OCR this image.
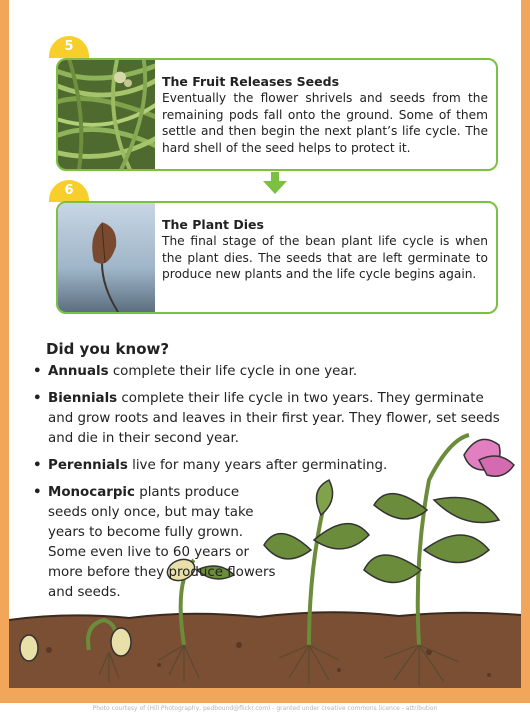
5
The Fruit Releases Seeds
Eventually the flower shrivels and seeds from the remaining pods fall onto the ground. Some of them settle and then begin the next plant’s life cycle. The hard shell of the seed helps to protect it.
6
The Plant Dies
The final stage of the bean plant life cycle is when the plant dies. The seeds that are left germinate to produce new plants and the life cycle begins again.
Did you know?
• Annuals complete their life cycle in one year.
• Biennials complete their life cycle in two years. They germinate and grow roots and leaves in their first year. They flower, set seeds and die in their second year.
• Perennials live for many years after germinating.
• Monocarpic plants produce seeds only once, but may take years to become fully grown. Some even live to 60 years or more before they produce flowers and seeds.
Photo courtesy of (Hill Photography, pedbound@flickr.com) - granted under creative commons licence - attribution
